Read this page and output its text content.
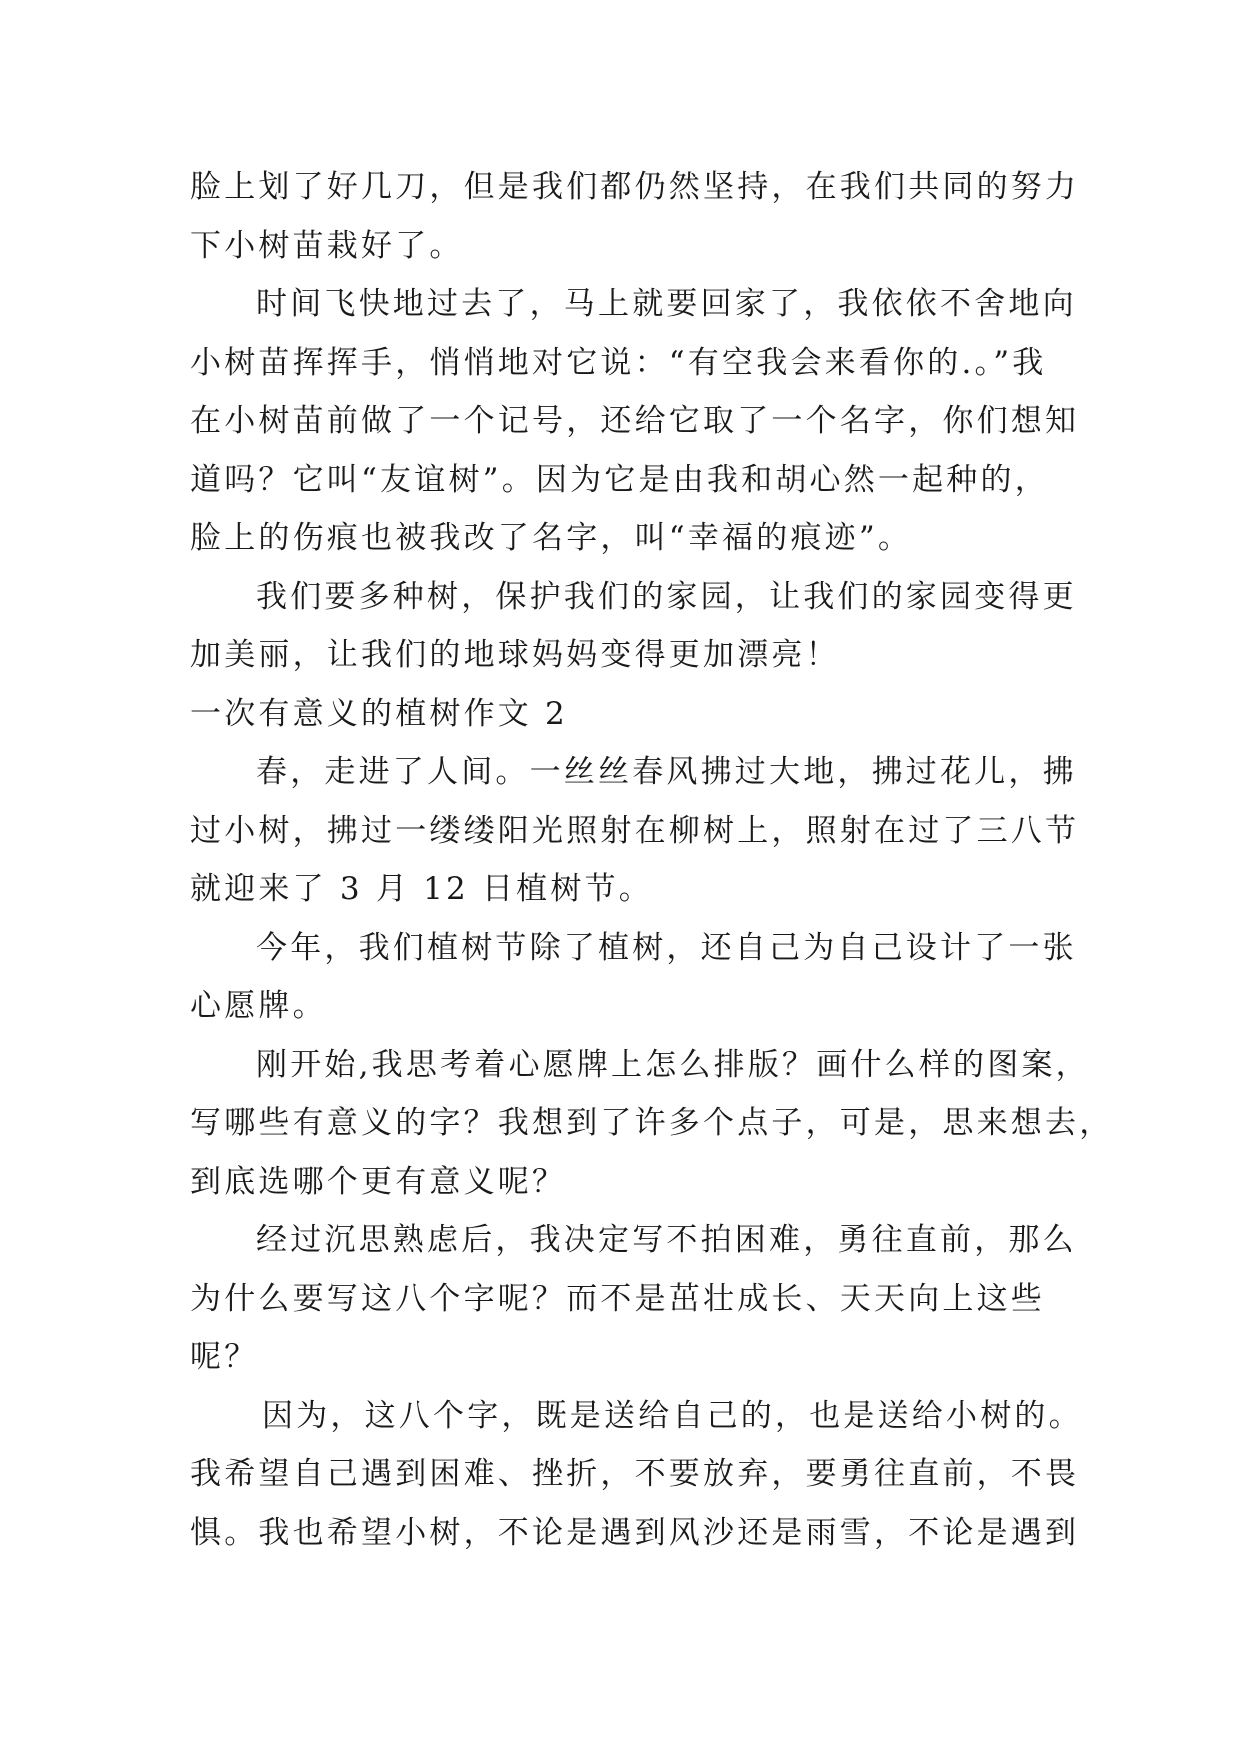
脸上划了好几刀，但是我们都仍然坚持，在我们共同的努力
下小树苗栽好了。
时间飞快地过去了，马上就要回家了，我依依不舍地向
小树苗挥挥手，悄悄地对它说：“有空我会来看你的.。”我
在小树苗前做了一个记号，还给它取了一个名字，你们想知
道吗？它叫“友谊树”。因为它是由我和胡心然一起种的，
脸上的伤痕也被我改了名字，叫“幸福的痕迹”。
我们要多种树，保护我们的家园，让我们的家园变得更
加美丽，让我们的地球妈妈变得更加漂亮！
一次有意义的植树作文 2
春，走进了人间。一丝丝春风拂过大地，拂过花儿，拂
过小树，拂过一缕缕阳光照射在柳树上，照射在过了三八节
就迎来了 3 月 12 日植树节。
今年，我们植树节除了植树，还自己为自己设计了一张
心愿牌。
刚开始,我思考着心愿牌上怎么排版？画什么样的图案，
写哪些有意义的字？我想到了许多个点子，可是，思来想去，
到底选哪个更有意义呢？
经过沉思熟虑后，我决定写不拍困难，勇往直前，那么
为什么要写这八个字呢？而不是茁壮成长、天天向上这些
呢？
因为，这八个字，既是送给自己的，也是送给小树的。
我希望自己遇到困难、挫折，不要放弃，要勇往直前，不畏
惧。我也希望小树，不论是遇到风沙还是雨雪，不论是遇到
